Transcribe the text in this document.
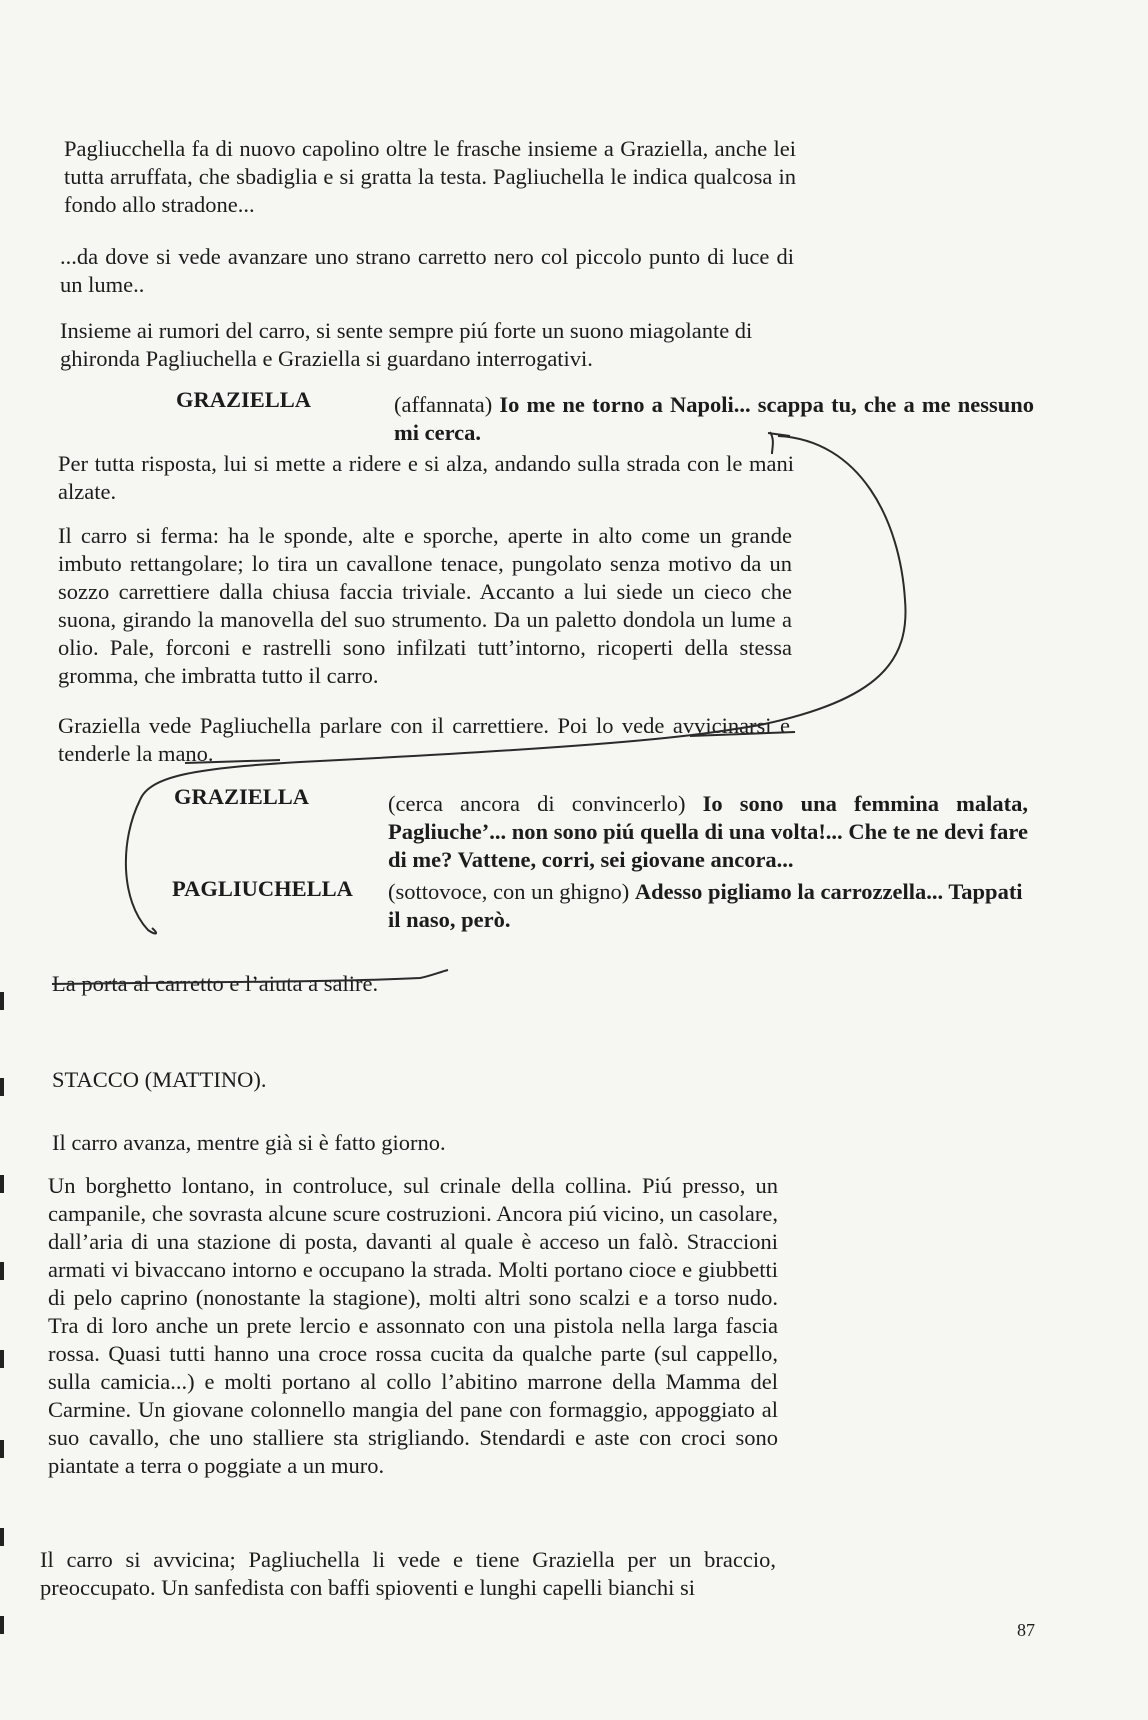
Pagliucchella fa di nuovo capolino oltre le frasche insieme a Graziella, anche lei tutta arruffata, che sbadiglia e si gratta la testa. Pagliuchella le indica qualcosa in fondo allo stradone...

...da dove si vede avanzare uno strano carretto nero col piccolo punto di luce di un lume..

Insieme ai rumori del carro, si sente sempre piú forte un suono miagolante di ghironda Pagliuchella e Graziella si guardano interrogativi.

GRAZIELLA	(affannata) Io me ne torno a Napoli... scappa tu, che a me nessuno mi cerca.

Per tutta risposta, lui si mette a ridere e si alza, andando sulla strada con le mani alzate.

Il carro si ferma: ha le sponde, alte e sporche, aperte in alto come un grande imbuto rettangolare; lo tira un cavallone tenace, pungolato senza motivo da un sozzo carrettiere dalla chiusa faccia triviale. Accanto a lui siede un cieco che suona, girando la manovella del suo strumento. Da un paletto dondola un lume a olio. Pale, forconi e rastrelli sono infilzati tutt’intorno, ricoperti della stessa gromma, che imbratta tutto il carro.

Graziella vede Pagliuchella parlare con il carrettiere. Poi lo vede avvicinarsi e tenderle la mano.

GRAZIELLA	(cerca ancora di convincerlo) Io sono una femmina malata, Pagliuche’... non sono piú quella di una volta!... Che te ne devi fare di me? Vattene, corri, sei giovane ancora...
PAGLIUCHELLA (sottovoce, con un ghigno) Adesso pigliamo la carrozzella... Tappati il naso, però.

La porta al carretto e l’aiuta a salire.

STACCO (MATTINO).

Il carro avanza, mentre già si è fatto giorno.

Un borghetto lontano, in controluce, sul crinale della collina. Piú presso, un campanile, che sovrasta alcune scure costruzioni. Ancora piú vicino, un casolare, dall’aria di una stazione di posta, davanti al quale è acceso un falò. Straccioni armati vi bivaccano intorno e occupano la strada. Molti portano cioce e giubbetti di pelo caprino (nonostante la stagione), molti altri sono scalzi e a torso nudo. Tra di loro anche un prete lercio e assonnato con una pistola nella larga fascia rossa. Quasi tutti hanno una croce rossa cucita da qualche parte (sul cappello, sulla camicia...) e molti portano al collo l’abitino marrone della Mamma del Carmine. Un giovane colonnello mangia del pane con formaggio, appoggiato al suo cavallo, che uno stalliere sta strigliando. Stendardi e aste con croci sono piantate a terra o poggiate a un muro.

Il carro si avvicina; Pagliuchella li vede e tiene Graziella per un braccio, preoccupato. Un sanfedista con baffi spioventi e lunghi capelli bianchi si

87
